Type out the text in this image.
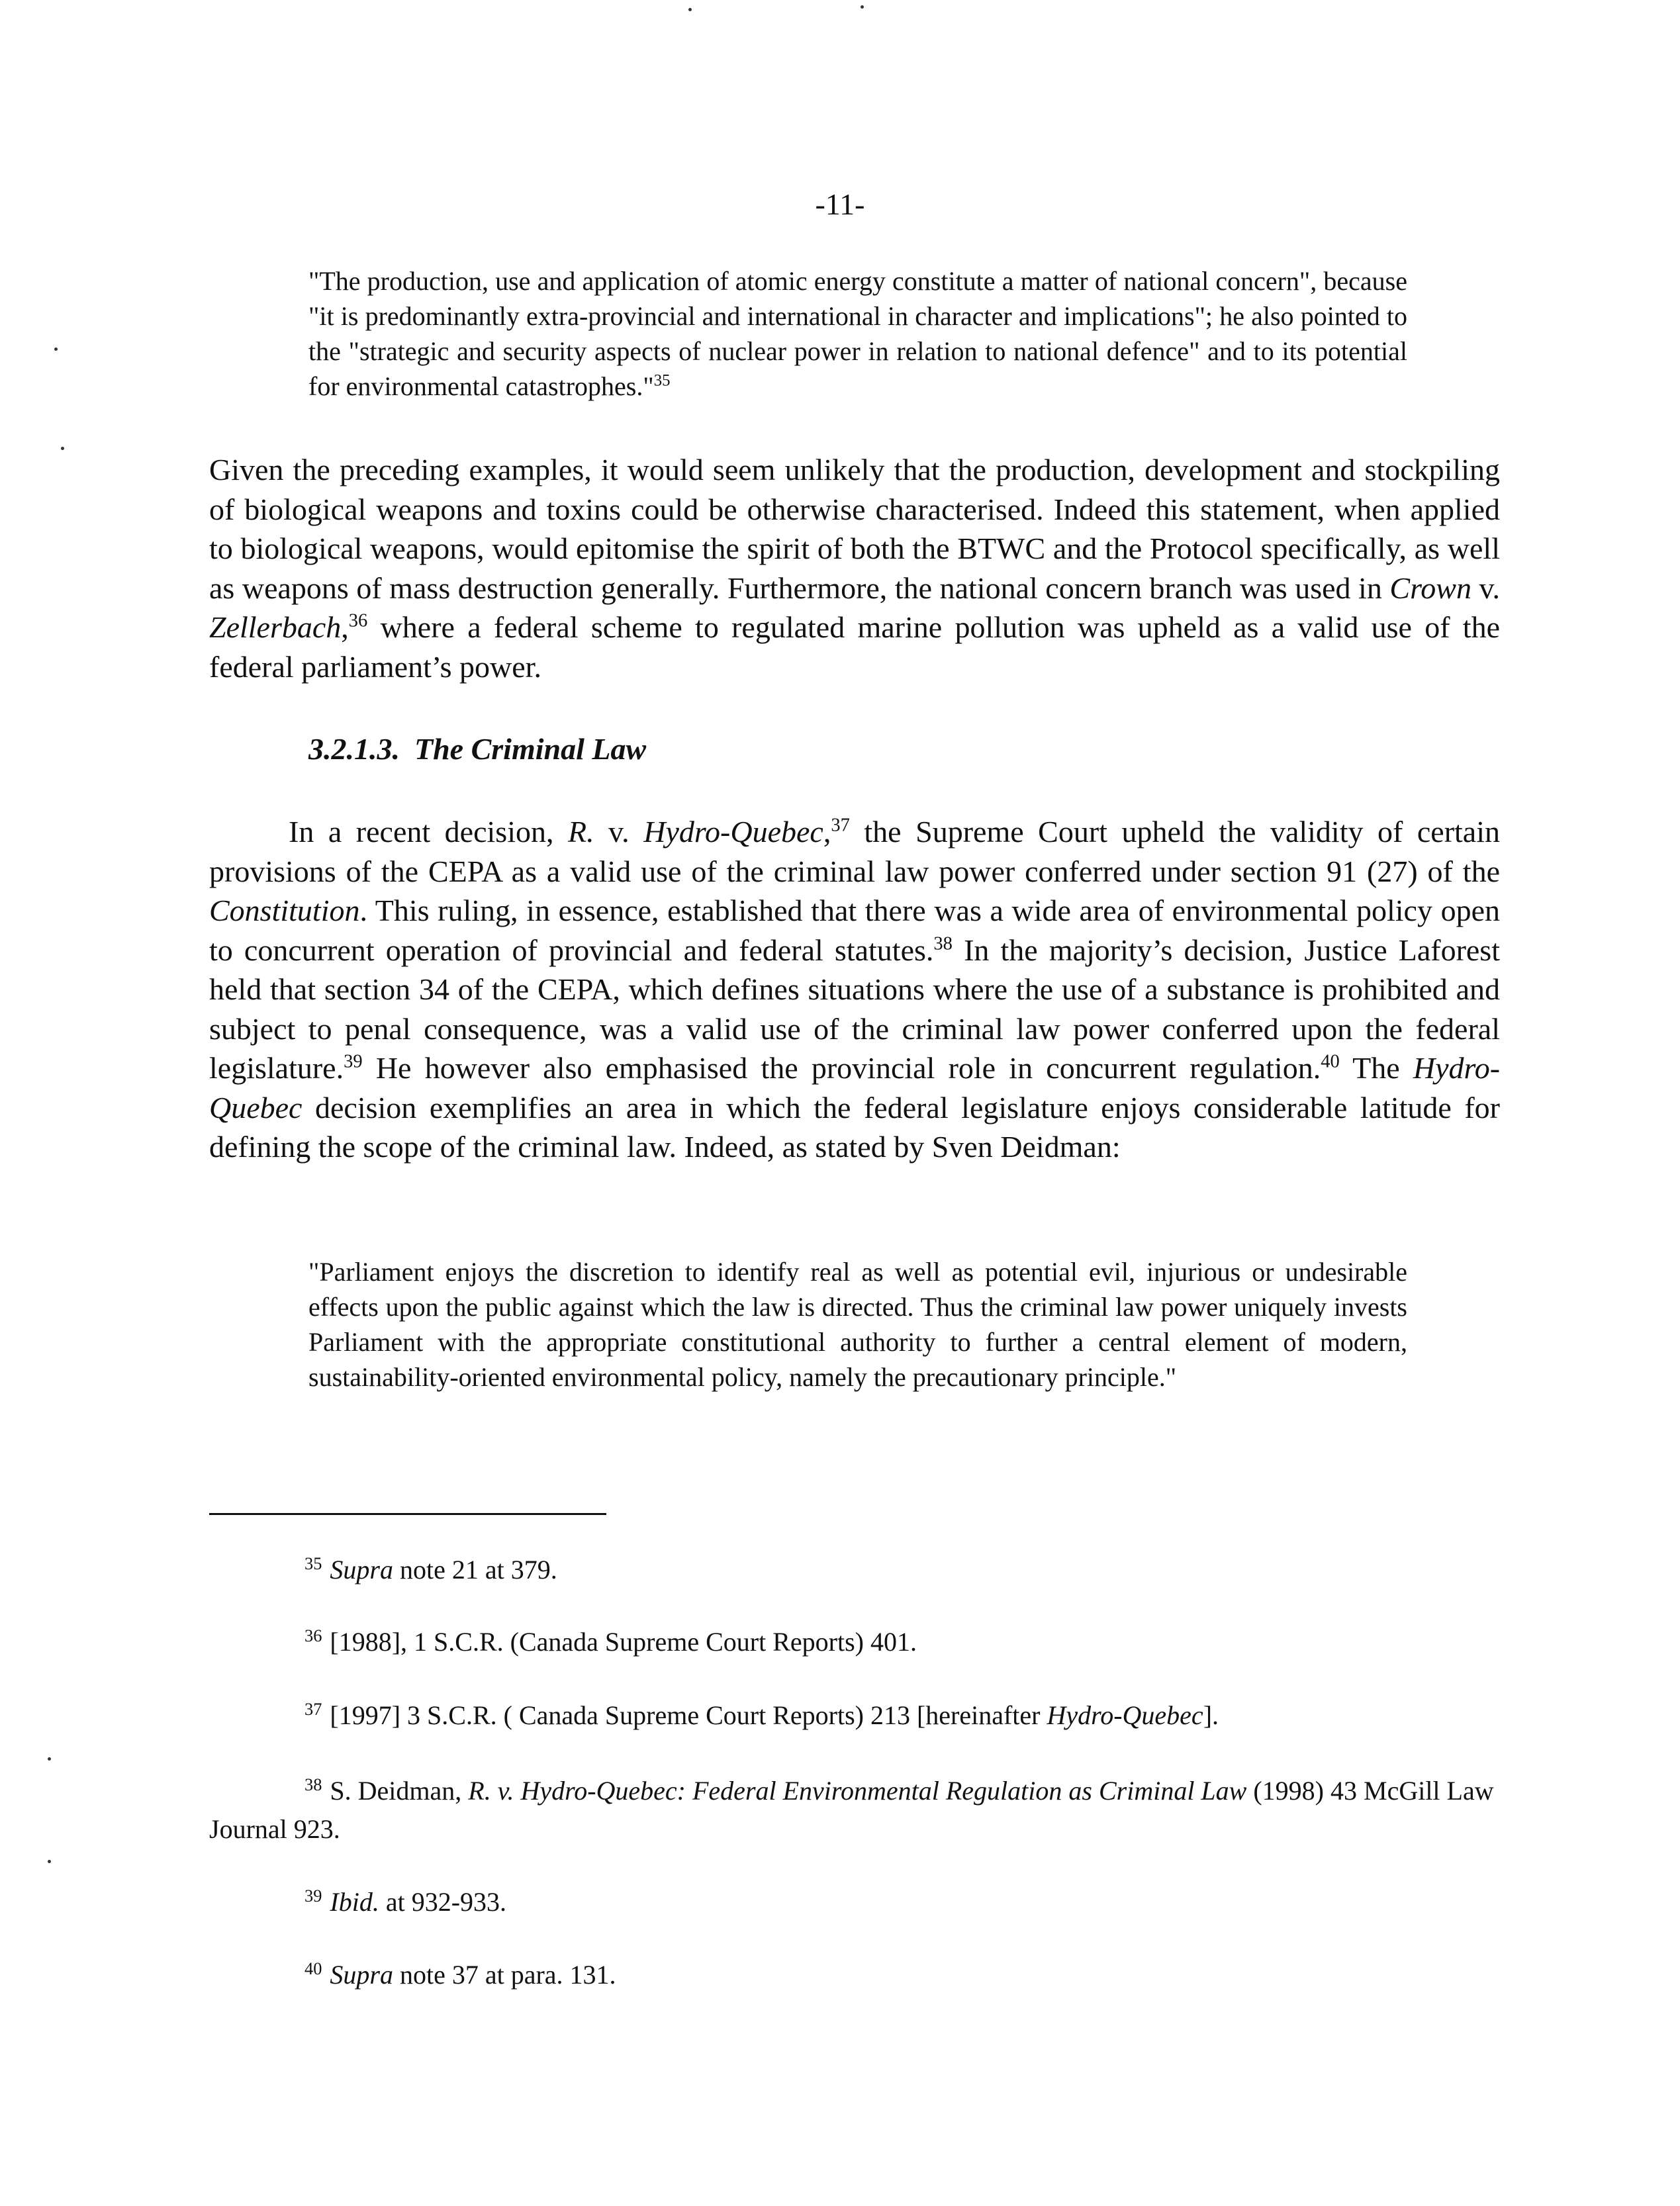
-11-
"The production, use and application of atomic energy constitute a matter of national concern", because "it is predominantly extra-provincial and international in character and implications"; he also pointed to the "strategic and security aspects of nuclear power in relation to national defence" and to its potential for environmental catastrophes."$^{35}$
Given the preceding examples, it would seem unlikely that the production, development and stockpiling of biological weapons and toxins could be otherwise characterised. Indeed this statement, when applied to biological weapons, would epitomise the spirit of both the BTWC and the Protocol specifically, as well as weapons of mass destruction generally. Furthermore, the national concern branch was used in Crown v. Zellerbach,$^{36}$ where a federal scheme to regulated marine pollution was upheld as a valid use of the federal parliament’s power.
3.2.1.3. The Criminal Law
In a recent decision, R. v. Hydro-Quebec,$^{37}$ the Supreme Court upheld the validity of certain provisions of the CEPA as a valid use of the criminal law power conferred under section 91 (27) of the Constitution. This ruling, in essence, established that there was a wide area of environmental policy open to concurrent operation of provincial and federal statutes.$^{38}$ In the majority’s decision, Justice Laforest held that section 34 of the CEPA, which defines situations where the use of a substance is prohibited and subject to penal consequence, was a valid use of the criminal law power conferred upon the federal legislature.$^{39}$ He however also emphasised the provincial role in concurrent regulation.$^{40}$ The Hydro-Quebec decision exemplifies an area in which the federal legislature enjoys considerable latitude for defining the scope of the criminal law. Indeed, as stated by Sven Deidman:
"Parliament enjoys the discretion to identify real as well as potential evil, injurious or undesirable effects upon the public against which the law is directed. Thus the criminal law power uniquely invests Parliament with the appropriate constitutional authority to further a central element of modern, sustainability-oriented environmental policy, namely the precautionary principle."
$^{35}$ Supra note 21 at 379.
$^{36}$ [1988], 1 S.C.R. (Canada Supreme Court Reports) 401.
$^{37}$ [1997] 3 S.C.R. ( Canada Supreme Court Reports) 213 [hereinafter Hydro-Quebec].
$^{38}$ S. Deidman, R. v. Hydro-Quebec: Federal Environmental Regulation as Criminal Law (1998) 43 McGill Law Journal 923.
$^{39}$ Ibid. at 932-933.
$^{40}$ Supra note 37 at para. 131.
